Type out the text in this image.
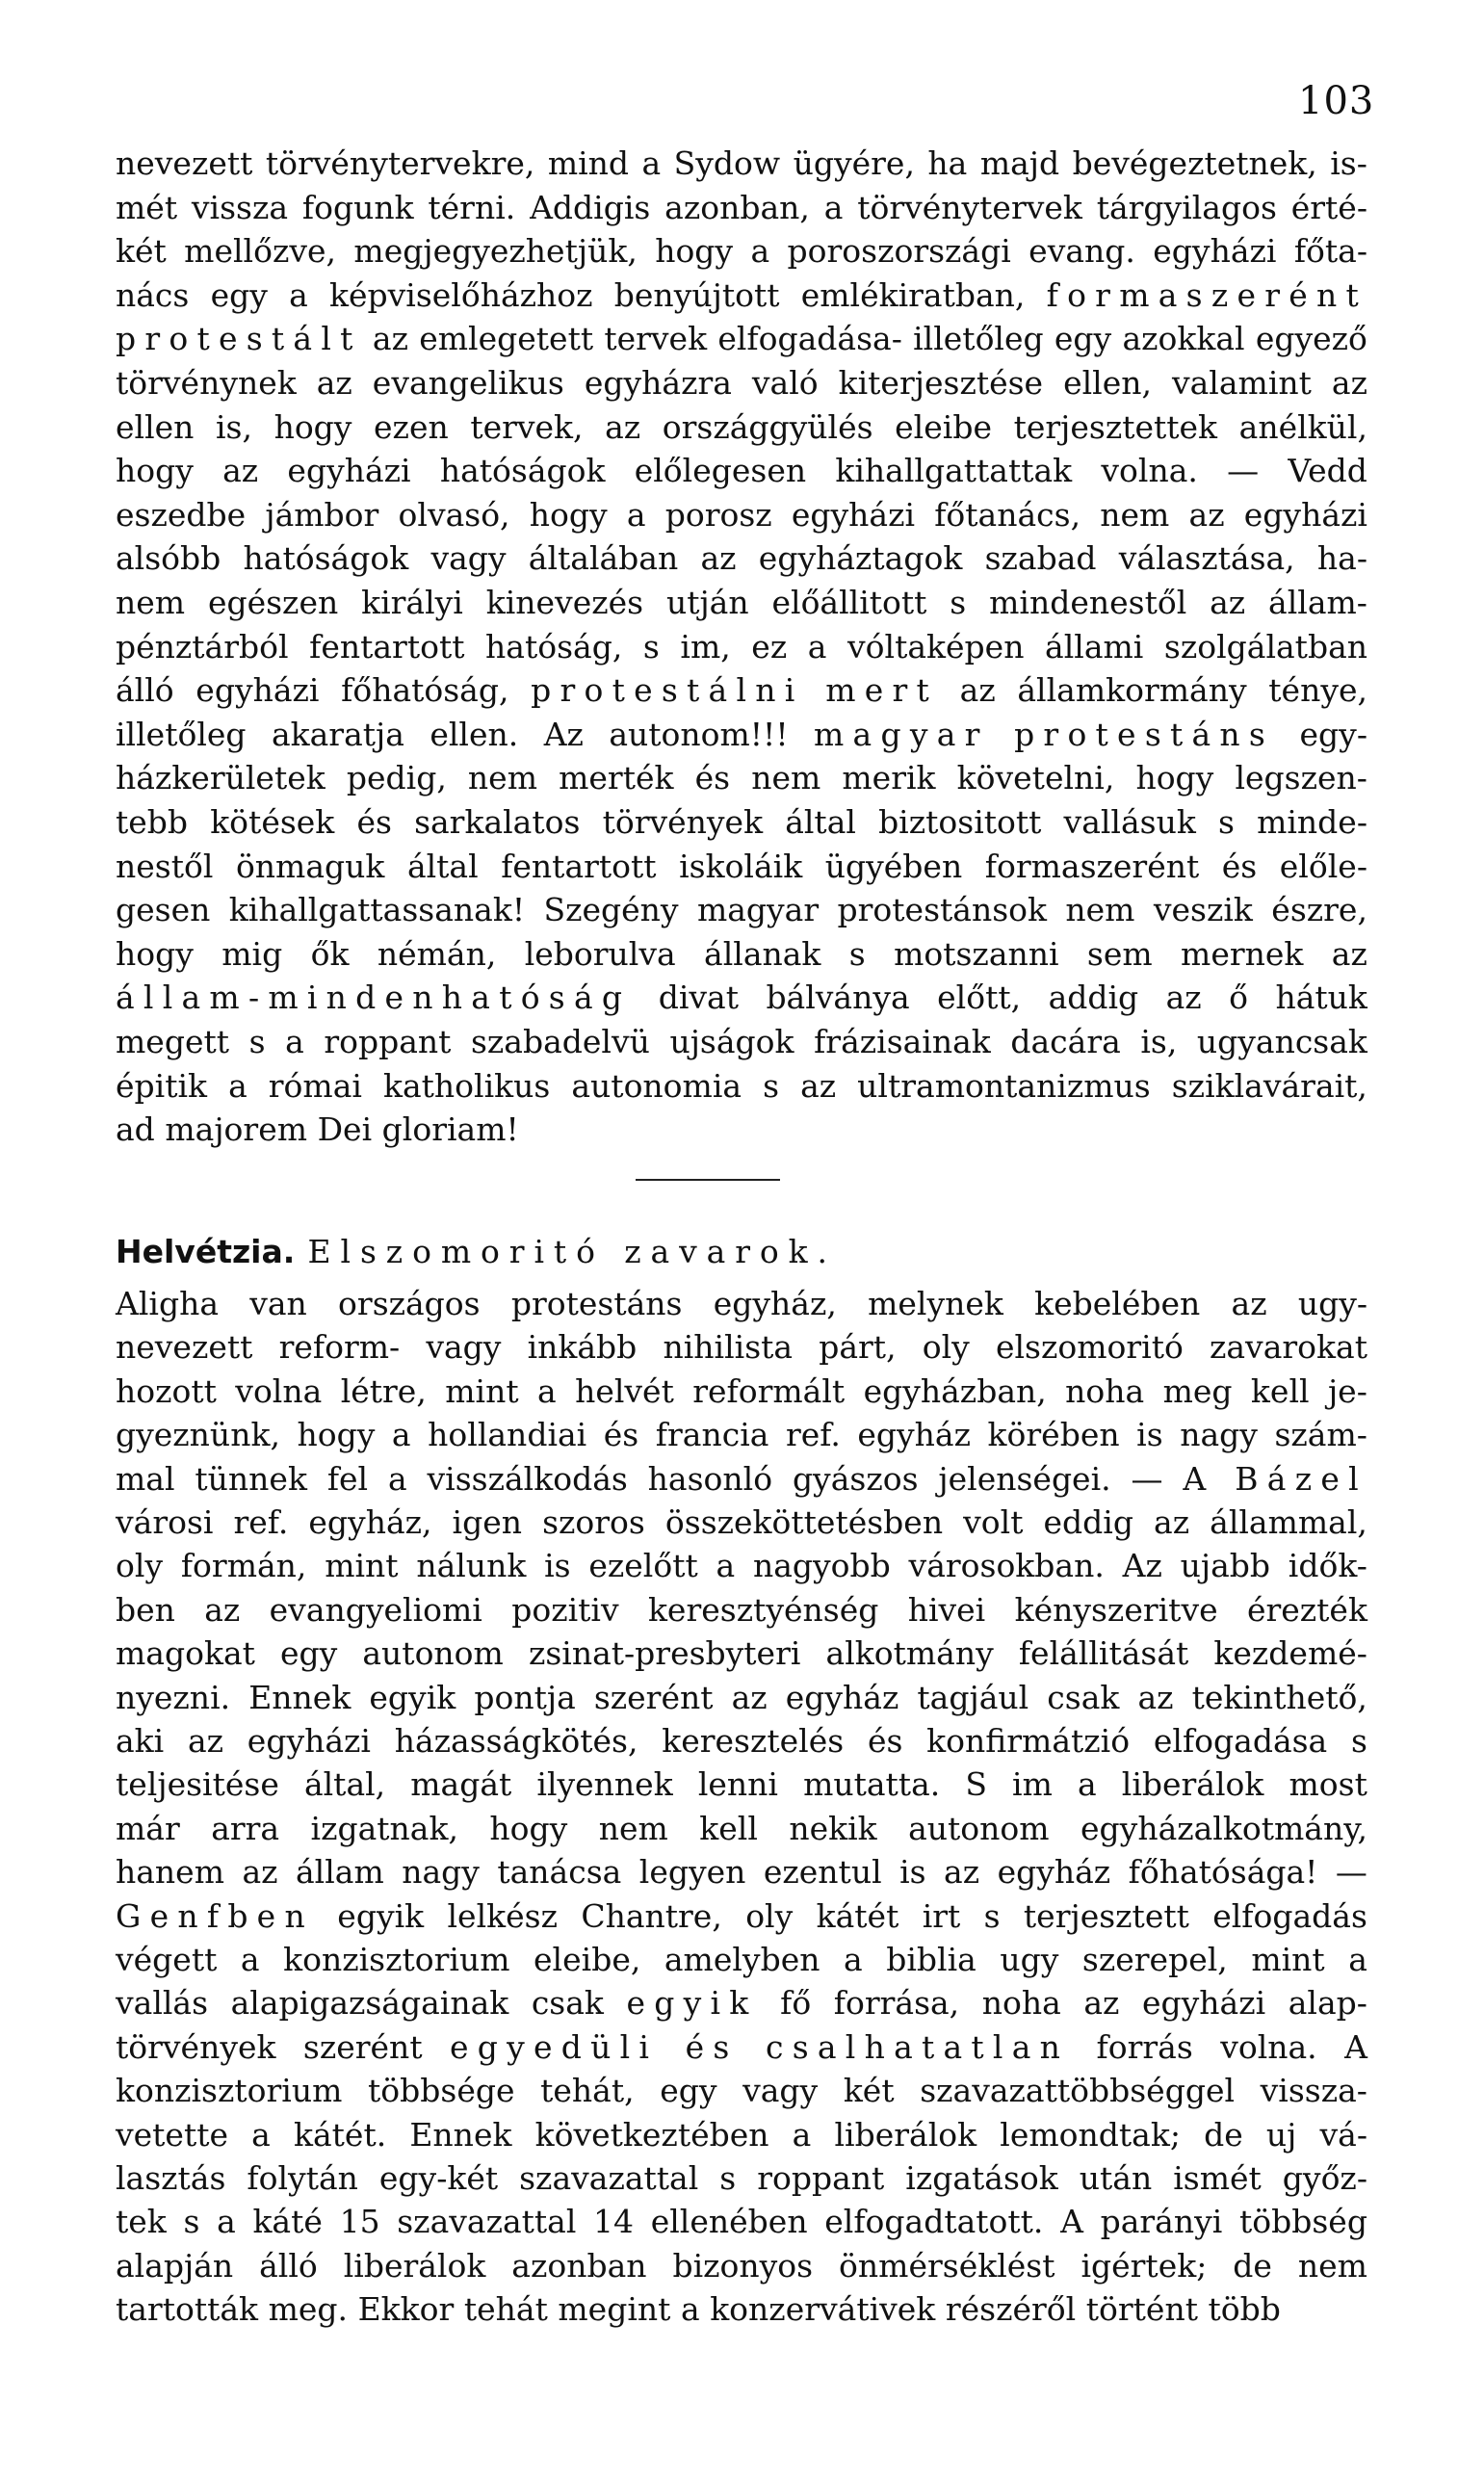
103
nevezett törvénytervekre, mind a Sydow ügyére, ha majd bevégeztetnek, is-
mét vissza fogunk térni. Addigis azonban, a törvénytervek tárgyilagos érté-
két mellőzve, megjegyezhetjük, hogy a poroszországi evang. egyházi főta-
nács egy a képviselőházhoz benyújtott emlékiratban, formaszerént
protestált az emlegetett tervek elfogadása- illetőleg egy azokkal egyező
törvénynek az evangelikus egyházra való kiterjesztése ellen, valamint az
ellen is, hogy ezen tervek, az országgyülés eleibe terjesztettek anélkül,
hogy az egyházi hatóságok előlegesen kihallgattattak volna. — Vedd
eszedbe jámbor olvasó, hogy a porosz egyházi főtanács, nem az egyházi
alsóbb hatóságok vagy általában az egyháztagok szabad választása, ha-
nem egészen királyi kinevezés utján előállitott s mindenestől az állam-
pénztárból fentartott hatóság, s im, ez a vóltaképen állami szolgálatban
álló egyházi főhatóság, protestálni mert az államkormány ténye,
illetőleg akaratja ellen. Az autonom!!! magyar protestáns egy-
házkerületek pedig, nem merték és nem merik követelni, hogy legszen-
tebb kötések és sarkalatos törvények által biztositott vallásuk s minde-
nestől önmaguk által fentartott iskoláik ügyében formaszerént és előle-
gesen kihallgattassanak! Szegény magyar protestánsok nem veszik észre,
hogy mig ők némán, leborulva állanak s motszanni sem mernek az
állam-mindenhatóság divat bálványa előtt, addig az ő hátuk
megett s a roppant szabadelvü ujságok frázisainak dacára is, ugyancsak
épitik a római katholikus autonomia s az ultramontanizmus sziklavárait,
ad majorem Dei gloriam!
Helvétzia. Elszomoritó zavarok.
Aligha van országos protestáns egyház, melynek kebelében az ugy-
nevezett reform- vagy inkább nihilista párt, oly elszomoritó zavarokat
hozott volna létre, mint a helvét reformált egyházban, noha meg kell je-
gyeznünk, hogy a hollandiai és francia ref. egyház körében is nagy szám-
mal tünnek fel a visszálkodás hasonló gyászos jelenségei. — A Bázel
városi ref. egyház, igen szoros összeköttetésben volt eddig az állammal,
oly formán, mint nálunk is ezelőtt a nagyobb városokban. Az ujabb idők-
ben az evangyeliomi pozitiv keresztyénség hivei kényszeritve érezték
magokat egy autonom zsinat-presbyteri alkotmány felállitását kezdemé-
nyezni. Ennek egyik pontja szerént az egyház tagjául csak az tekinthető,
aki az egyházi házasságkötés, keresztelés és konfirmátzió elfogadása s
teljesitése által, magát ilyennek lenni mutatta. S im a liberálok most
már arra izgatnak, hogy nem kell nekik autonom egyházalkotmány,
hanem az állam nagy tanácsa legyen ezentul is az egyház főhatósága! —
Genfben egyik lelkész Chantre, oly kátét irt s terjesztett elfogadás
végett a konzisztorium eleibe, amelyben a biblia ugy szerepel, mint a
vallás alapigazságainak csak egyik fő forrása, noha az egyházi alap-
törvények szerént egyedüli és csalhatatlan forrás volna. A
konzisztorium többsége tehát, egy vagy két szavazattöbbséggel vissza-
vetette a kátét. Ennek következtében a liberálok lemondtak; de uj vá-
lasztás folytán egy-két szavazattal s roppant izgatások után ismét győz-
tek s a káté 15 szavazattal 14 ellenében elfogadtatott. A parányi többség
alapján álló liberálok azonban bizonyos önmérséklést igértek; de nem
tartották meg. Ekkor tehát megint a konzervátivek részéről történt több
